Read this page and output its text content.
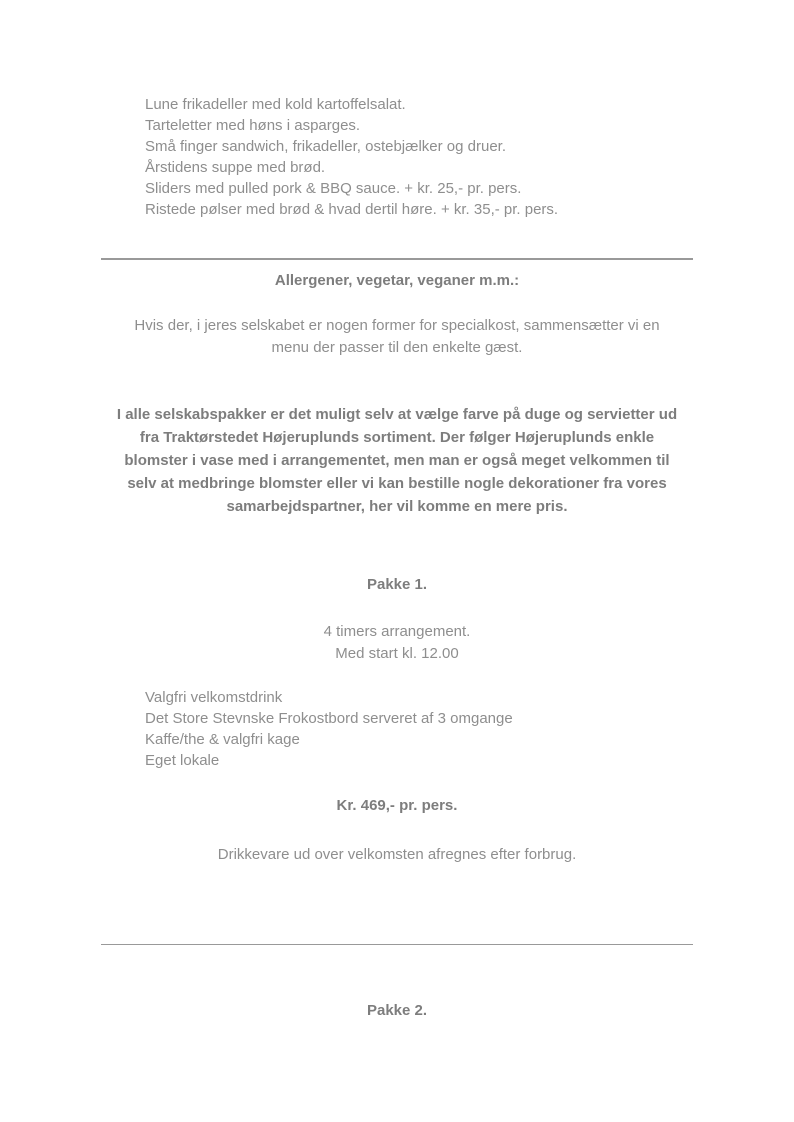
Lune frikadeller med kold kartoffelsalat.
Tarteletter med høns i asparges.
Små finger sandwich, frikadeller, ostebjælker og druer.
Årstidens suppe med brød.
Sliders med pulled pork & BBQ sauce. + kr. 25,- pr. pers.
Ristede pølser med brød & hvad dertil høre. + kr. 35,- pr. pers.
Allergener, vegetar, veganer m.m.:
Hvis der, i jeres selskabet er nogen former for specialkost, sammensætter vi en
menu der passer til den enkelte gæst.
I alle selskabspakker er det muligt selv at vælge farve på duge og servietter ud
fra Traktørstedet Højeruplunds sortiment. Der følger Højeruplunds enkle
blomster i vase med i arrangementet, men man er også meget velkommen til
selv at medbringe blomster eller vi kan bestille nogle dekorationer fra vores
samarbejdspartner, her vil komme en mere pris.
Pakke 1.
4 timers arrangement.
Med start kl. 12.00
Valgfri velkomstdrink
Det Store Stevnske Frokostbord serveret af 3 omgange
Kaffe/the & valgfri kage
Eget lokale
Kr. 469,- pr. pers.
Drikkevare ud over velkomsten afregnes efter forbrug.
Pakke 2.
